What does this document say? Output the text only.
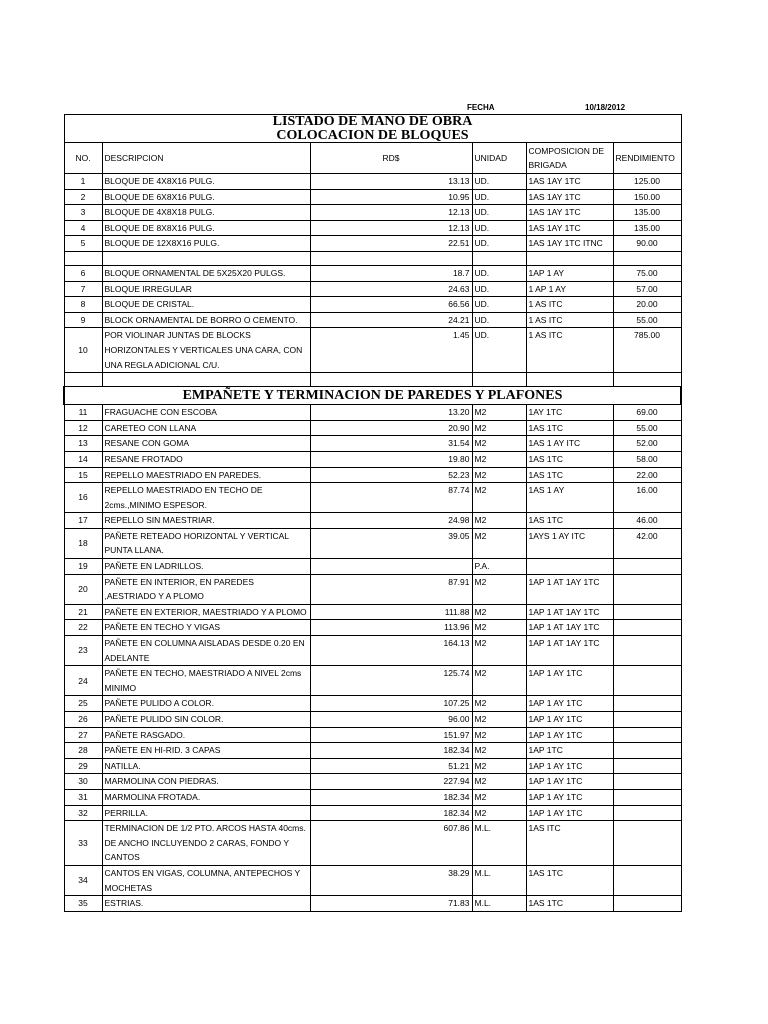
FECHA	10/18/2012
LISTADO DE MANO DE OBRA					
COLOCACION DE BLOQUES					
NO.	DESCRIPCION	RD$	UNIDAD	COMPOSICION DE BRIGADA	RENDIMIENTO
1	BLOQUE DE 4X8X16 PULG.	13.13	UD.	1AS 1AY 1TC	125.00
2	BLOQUE DE 6X8X16 PULG.	10.95	UD.	1AS 1AY 1TC	150.00
3	BLOQUE DE 4X8X18 PULG.	12.13	UD.	1AS 1AY 1TC	135.00
4	BLOQUE DE 8X8X16 PULG.	12.13	UD.	1AS 1AY 1TC	135.00
5	BLOQUE DE 12X8X16 PULG.	22.51	UD.	1AS 1AY 1TC ITNC	90.00

6	BLOQUE ORNAMENTAL DE 5X25X20 PULGS.	18.7	UD.	1AP 1 AY	75.00
7	BLOQUE IRREGULAR	24.63	UD.	1 AP 1 AY	57.00
8	BLOQUE DE CRISTAL.	66.56	UD.	1 AS ITC	20.00
9	BLOCK ORNAMENTAL DE BORRO O CEMENTO.	24.21	UD.	1 AS ITC	55.00
10	POR VIOLINAR JUNTAS DE BLOCKS HORIZONTALES Y VERTICALES UNA CARA, CON UNA REGLA ADICIONAL C/U.	1.45	UD.	1 AS ITC	785.00

EMPAÑETE Y TERMINACION DE PAREDES Y PLAFONES					
11	FRAGUACHE CON ESCOBA	13.20	M2	1AY 1TC	69.00
12	CARETEO CON LLANA	20.90	M2	1AS 1TC	55.00
13	RESANE CON GOMA	31.54	M2	1AS 1 AY ITC	52.00
14	RESANE FROTADO	19.80	M2	1AS 1TC	58.00
15	REPELLO MAESTRIADO EN PAREDES.	52.23	M2	1AS 1TC	22.00
16	REPELLO MAESTRIADO EN TECHO DE 2cms.,MINIMO ESPESOR.	87.74	M2	1AS 1 AY	16.00
17	REPELLO SIN MAESTRIAR.	24.98	M2	1AS 1TC	46.00
18	PAÑETE RETEADO HORIZONTAL Y VERTICAL PUNTA LLANA.	39.05	M2	1AYS 1 AY ITC	42.00
19	PAÑETE EN LADRILLOS.		P.A.		
20	PAÑETE EN INTERIOR, EN PAREDES ,AESTRIADO Y A PLOMO	87.91	M2	1AP 1 AT 1AY 1TC	
21	PAÑETE EN EXTERIOR, MAESTRIADO Y A PLOMO	111.88	M2	1AP 1 AT 1AY 1TC	
22	PAÑETE EN TECHO Y VIGAS	113.96	M2	1AP 1 AT 1AY 1TC	
23	PAÑETE EN COLUMNA AISLADAS DESDE 0.20 EN ADELANTE	164.13	M2	1AP 1 AT 1AY 1TC	
24	PAÑETE EN TECHO, MAESTRIADO A NIVEL 2cms MINIMO	125.74	M2	1AP 1 AY 1TC	
25	PAÑETE PULIDO A COLOR.	107.25	M2	1AP 1 AY 1TC	
26	PAÑETE PULIDO SIN COLOR.	96.00	M2	1AP 1 AY 1TC	
27	PAÑETE RASGADO.	151.97	M2	1AP 1 AY 1TC	
28	PAÑETE EN HI-RID. 3 CAPAS	182.34	M2	1AP 1TC	
29	NATILLA.	51.21	M2	1AP 1 AY 1TC	
30	MARMOLINA CON PIEDRAS.	227.94	M2	1AP 1 AY 1TC	
31	MARMOLINA FROTADA.	182.34	M2	1AP 1 AY 1TC	
32	PERRILLA.	182.34	M2	1AP 1 AY 1TC	
33	TERMINACION DE 1/2 PTO. ARCOS HASTA 40cms. DE ANCHO INCLUYENDO 2 CARAS, FONDO Y CANTOS	607.86	M.L.	1AS ITC	
34	CANTOS EN VIGAS, COLUMNA, ANTEPECHOS Y MOCHETAS	38.29	M.L.	1AS 1TC	
35	ESTRIAS.	71.83	M.L.	1AS 1TC	
